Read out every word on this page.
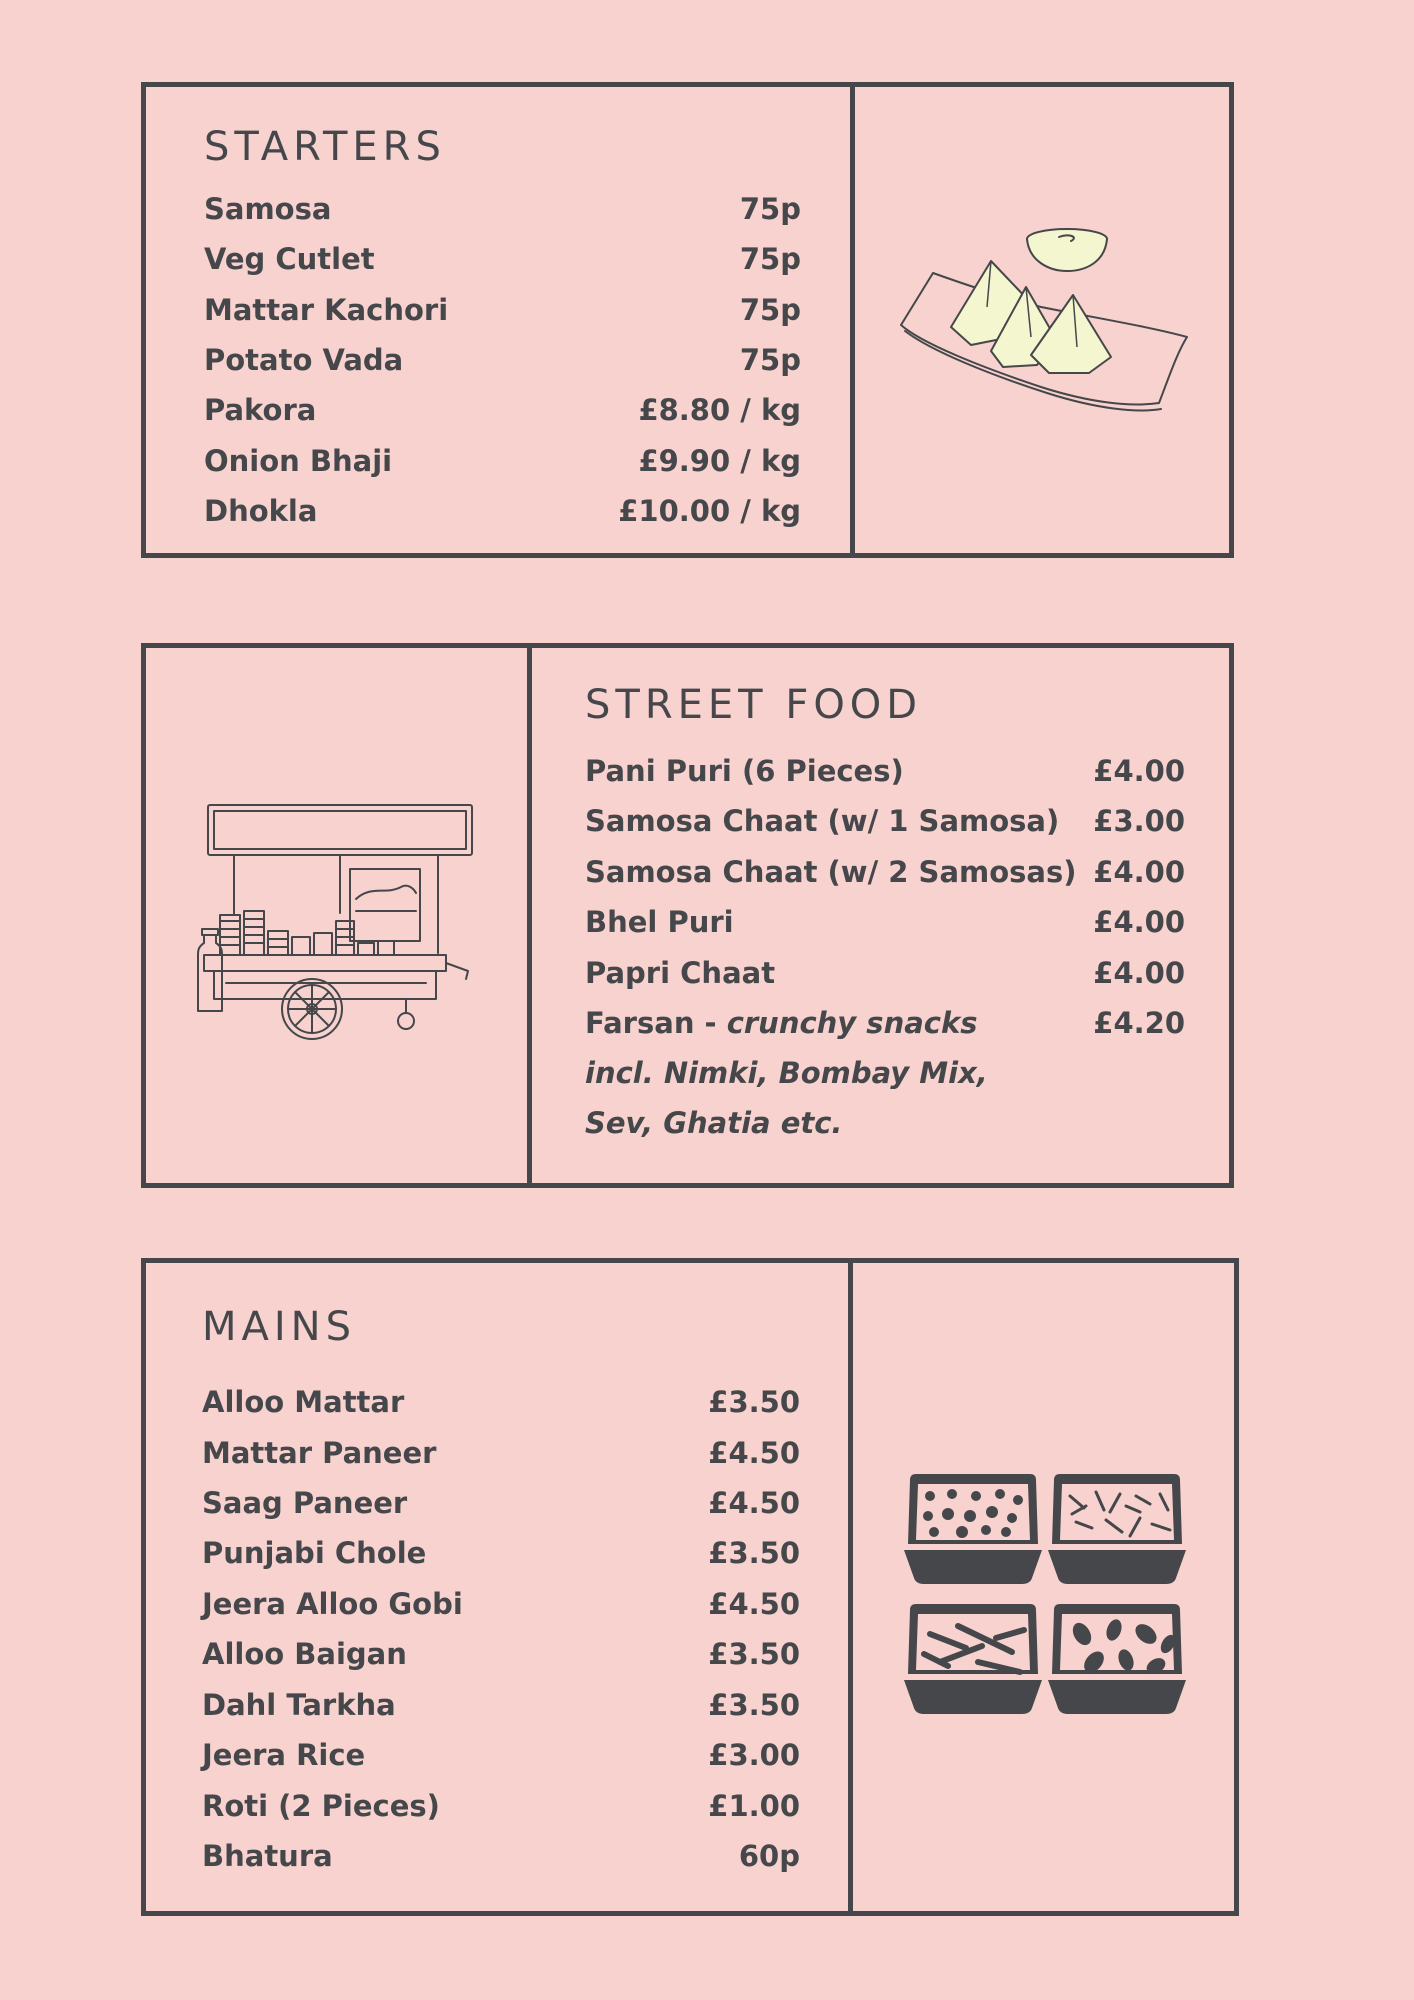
STARTERS
Samosa	75p
Veg Cutlet	75p
Mattar Kachori	75p
Potato Vada	75p
Pakora	£8.80 / kg
Onion Bhaji	£9.90 / kg
Dhokla	£10.00 / kg
STREET FOOD
Pani Puri (6 Pieces)	£4.00
Samosa Chaat (w/ 1 Samosa) £3.00
Samosa Chaat (w/ 2 Samosas) £4.00
Bhel Puri	£4.00
Papri Chaat	£4.00
Farsan - crunchy snacks	£4.20
incl. Nimki, Bombay Mix,
Sev, Ghatia etc.
MAINS
Alloo Mattar	£3.50
Mattar Paneer	£4.50
Saag Paneer	£4.50
Punjabi Chole	£3.50
Jeera Alloo Gobi	£4.50
Alloo Baigan	£3.50
Dahl Tarkha	£3.50
Jeera Rice	£3.00
Roti (2 Pieces)	£1.00
Bhatura	60p
